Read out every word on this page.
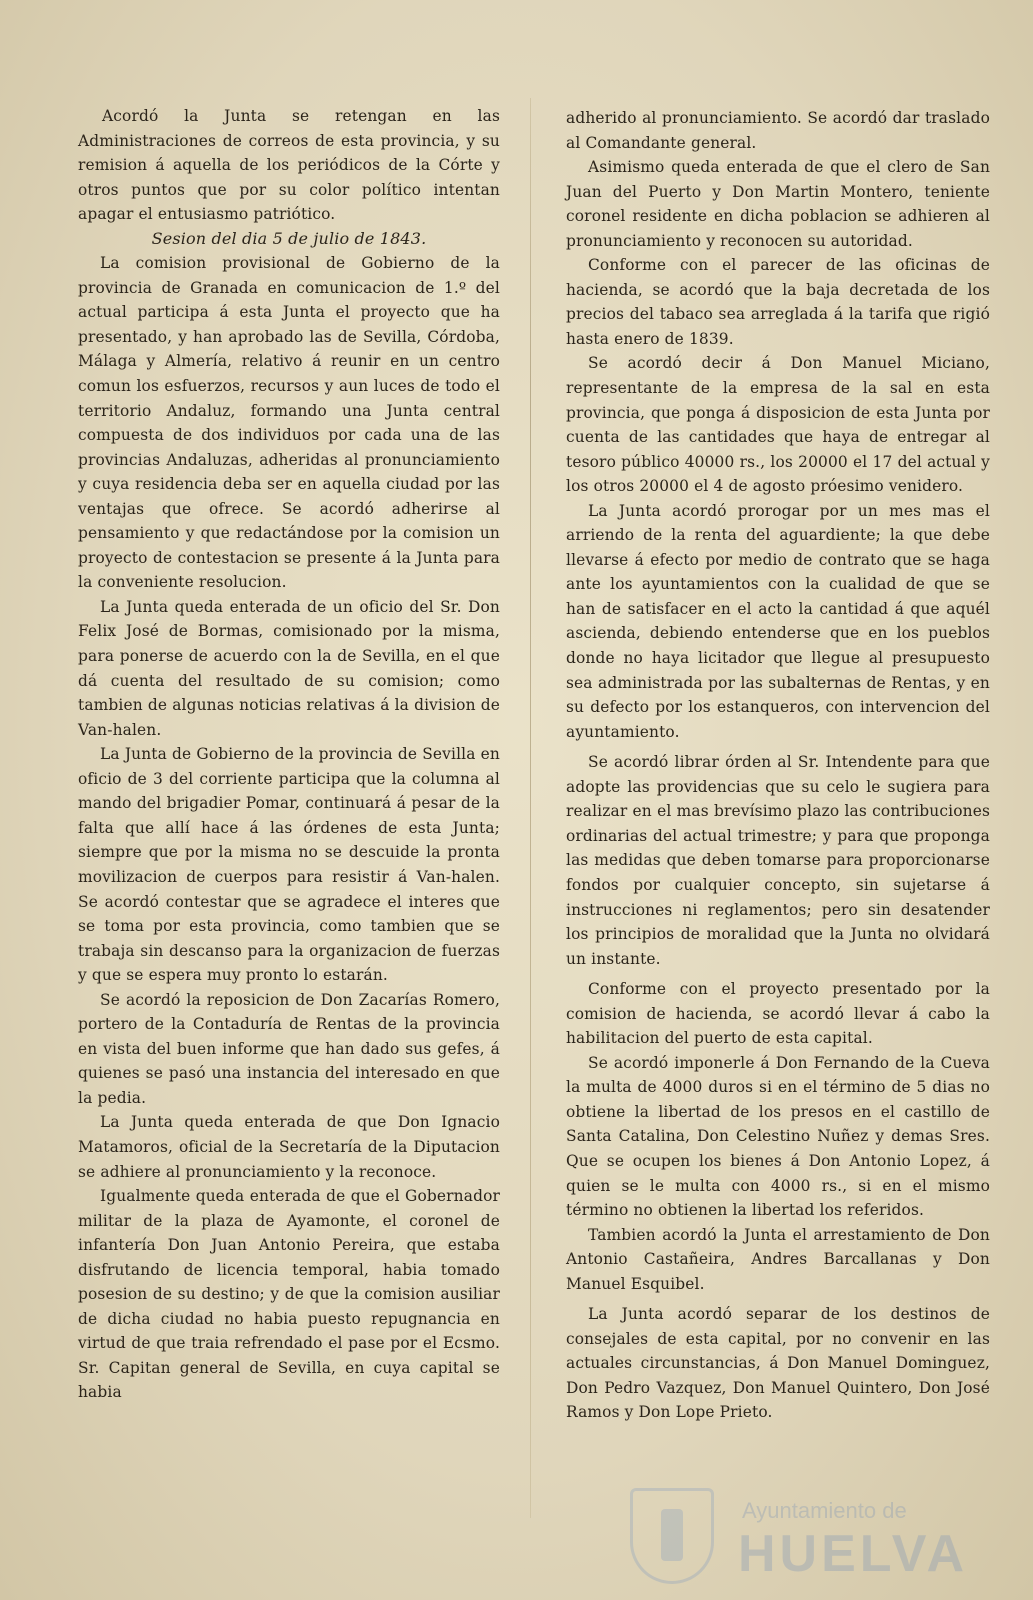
Acordó la Junta se retengan en las Administraciones de correos de esta provincia, y su remision á aquella de los periódicos de la Córte y otros puntos que por su color político intentan apagar el entusiasmo patriótico.

Sesion del dia 5 de julio de 1843.

La comision provisional de Gobierno de la provincia de Granada en comunicacion de 1.º del actual participa á esta Junta el proyecto que ha presentado, y han aprobado las de Sevilla, Córdoba, Málaga y Almería, relativo á reunir en un centro comun los esfuerzos, recursos y aun luces de todo el territorio Andaluz, formando una Junta central compuesta de dos individuos por cada una de las provincias Andaluzas, adheridas al pronunciamiento y cuya residencia deba ser en aquella ciudad por las ventajas que ofrece. Se acordó adherirse al pensamiento y que redactándose por la comision un proyecto de contestacion se presente á la Junta para la conveniente resolucion.

La Junta queda enterada de un oficio del Sr. Don Felix José de Bormas, comisionado por la misma, para ponerse de acuerdo con la de Sevilla, en el que dá cuenta del resultado de su comision; como tambien de algunas noticias relativas á la division de Van-halen.

La Junta de Gobierno de la provincia de Sevilla en oficio de 3 del corriente participa que la columna al mando del brigadier Pomar, continuará á pesar de la falta que allí hace á las órdenes de esta Junta; siempre que por la misma no se descuide la pronta movilizacion de cuerpos para resistir á Van-halen. Se acordó contestar que se agradece el interes que se toma por esta provincia, como tambien que se trabaja sin descanso para la organizacion de fuerzas y que se espera muy pronto lo estarán.

Se acordó la reposicion de Don Zacarías Romero, portero de la Contaduría de Rentas de la provincia en vista del buen informe que han dado sus gefes, á quienes se pasó una instancia del interesado en que la pedia.

La Junta queda enterada de que Don Ignacio Matamoros, oficial de la Secretaría de la Diputacion se adhiere al pronunciamiento y la reconoce.

Igualmente queda enterada de que el Gobernador militar de la plaza de Ayamonte, el coronel de infantería Don Juan Antonio Pereira, que estaba disfrutando de licencia temporal, habia tomado posesion de su destino; y de que la comision ausiliar de dicha ciudad no habia puesto repugnancia en virtud de que traia refrendado el pase por el Ecsmo. Sr. Capitan general de Sevilla, en cuya capital se habia

adherido al pronunciamiento. Se acordó dar traslado al Comandante general.

Asimismo queda enterada de que el clero de San Juan del Puerto y Don Martin Montero, teniente coronel residente en dicha poblacion se adhieren al pronunciamiento y reconocen su autoridad.

Conforme con el parecer de las oficinas de hacienda, se acordó que la baja decretada de los precios del tabaco sea arreglada á la tarifa que rigió hasta enero de 1839.

Se acordó decir á Don Manuel Miciano, representante de la empresa de la sal en esta provincia, que ponga á disposicion de esta Junta por cuenta de las cantidades que haya de entregar al tesoro público 40000 rs., los 20000 el 17 del actual y los otros 20000 el 4 de agosto próesimo venidero.

La Junta acordó prorogar por un mes mas el arriendo de la renta del aguardiente; la que debe llevarse á efecto por medio de contrato que se haga ante los ayuntamientos con la cualidad de que se han de satisfacer en el acto la cantidad á que aquél ascienda, debiendo entenderse que en los pueblos donde no haya licitador que llegue al presupuesto sea administrada por las subalternas de Rentas, y en su defecto por los estanqueros, con intervencion del ayuntamiento.

Se acordó librar órden al Sr. Intendente para que adopte las providencias que su celo le sugiera para realizar en el mas brevísimo plazo las contribuciones ordinarias del actual trimestre; y para que proponga las medidas que deben tomarse para proporcionarse fondos por cualquier concepto, sin sujetarse á instrucciones ni reglamentos; pero sin desatender los principios de moralidad que la Junta no olvidará un instante.

Conforme con el proyecto presentado por la comision de hacienda, se acordó llevar á cabo la habilitacion del puerto de esta capital.

Se acordó imponerle á Don Fernando de la Cueva la multa de 4000 duros si en el término de 5 dias no obtiene la libertad de los presos en el castillo de Santa Catalina, Don Celestino Nuñez y demas Sres. Que se ocupen los bienes á Don Antonio Lopez, á quien se le multa con 4000 rs., si en el mismo término no obtienen la libertad los referidos.

Tambien acordó la Junta el arrestamiento de Don Antonio Castañeira, Andres Barcallanas y Don Manuel Esquibel.

La Junta acordó separar de los destinos de consejales de esta capital, por no convenir en las actuales circunstancias, á Don Manuel Dominguez, Don Pedro Vazquez, Don Manuel Quintero, Don José Ramos y Don Lope Prieto.

Ayuntamiento de
HUELVA
